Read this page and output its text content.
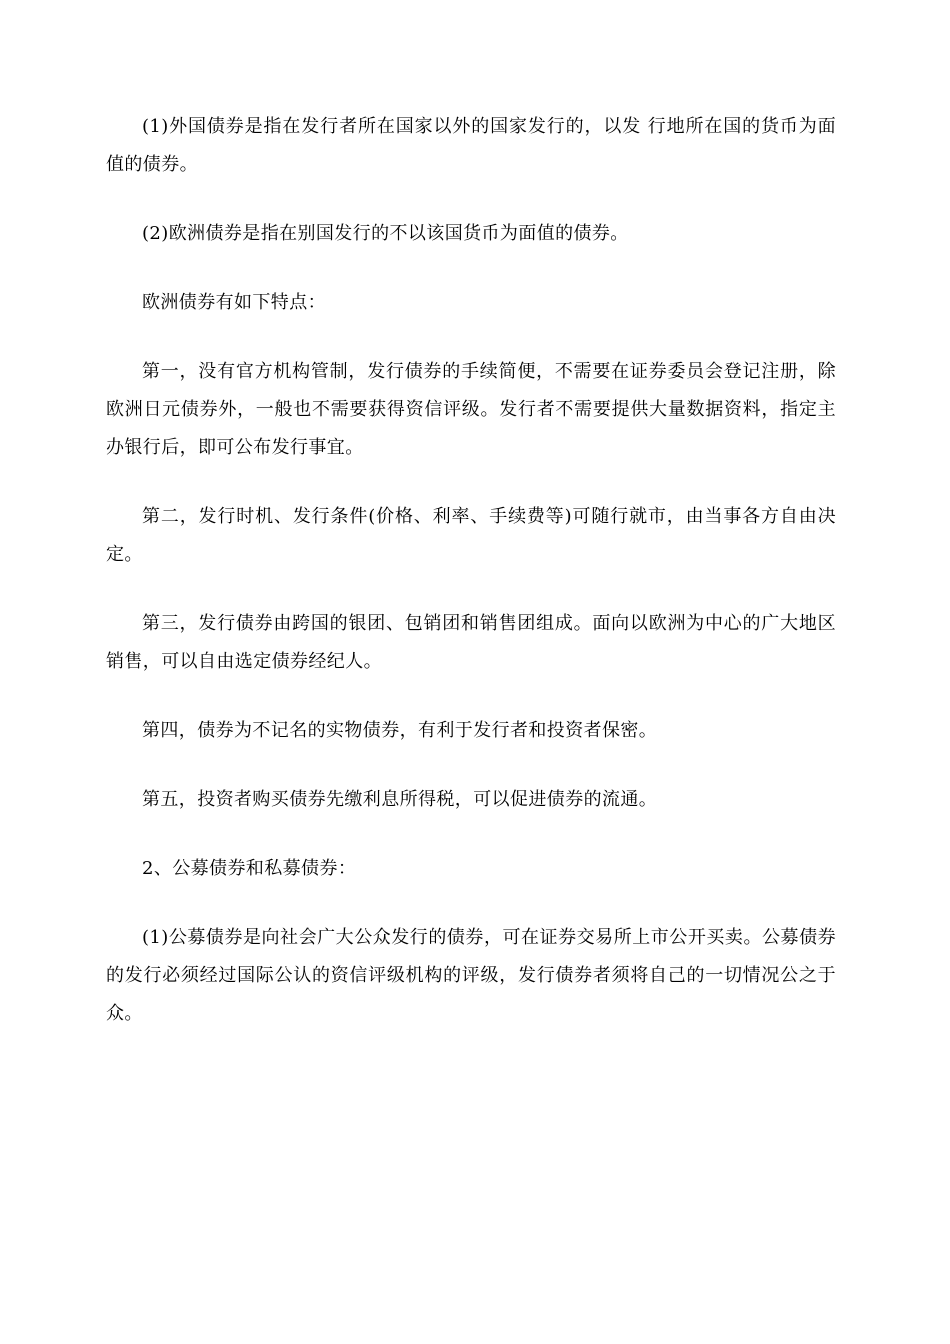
(1)外国债券是指在发行者所在国家以外的国家发行的，以发 行地所在国的货币为面值的债券。

(2)欧洲债券是指在别国发行的不以该国货币为面值的债券。

欧洲债券有如下特点：

第一，没有官方机构管制，发行债券的手续简便，不需要在证券委员会登记注册，除欧洲日元债券外，一般也不需要获得资信评级。发行者不需要提供大量数据资料，指定主办银行后，即可公布发行事宜。

第二，发行时机、发行条件(价格、利率、手续费等)可随行就市，由当事各方自由决定。

第三，发行债券由跨国的银团、包销团和销售团组成。面向以欧洲为中心的广大地区销售，可以自由选定债券经纪人。

第四，债券为不记名的实物债券，有利于发行者和投资者保密。

第五，投资者购买债券先缴利息所得税，可以促进债券的流通。

2、公募债券和私募债券：

(1)公募债券是向社会广大公众发行的债券，可在证券交易所上市公开买卖。公募债券的发行必须经过国际公认的资信评级机构的评级，发行债券者须将自己的一切情况公之于众。
